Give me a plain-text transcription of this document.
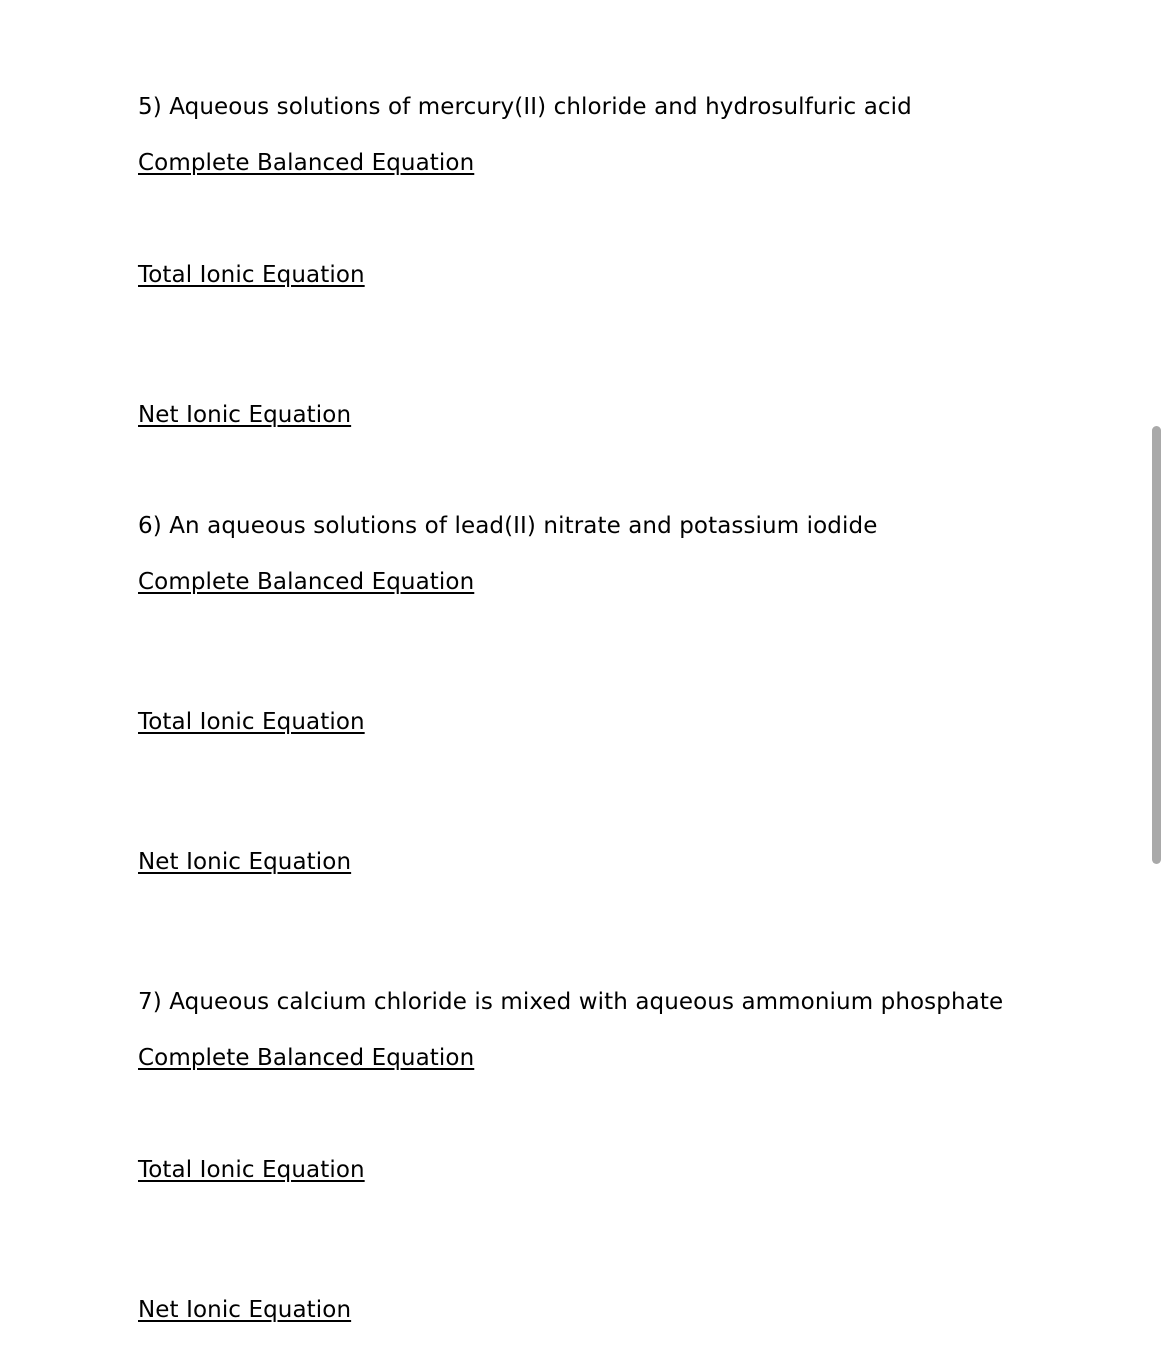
5) Aqueous solutions of mercury(II) chloride and hydrosulfuric acid
Complete Balanced Equation
Total Ionic Equation
Net Ionic Equation
6) An aqueous solutions of lead(II) nitrate and potassium iodide
Complete Balanced Equation
Total Ionic Equation
Net Ionic Equation
7) Aqueous calcium chloride is mixed with aqueous ammonium phosphate
Complete Balanced Equation
Total Ionic Equation
Net Ionic Equation
